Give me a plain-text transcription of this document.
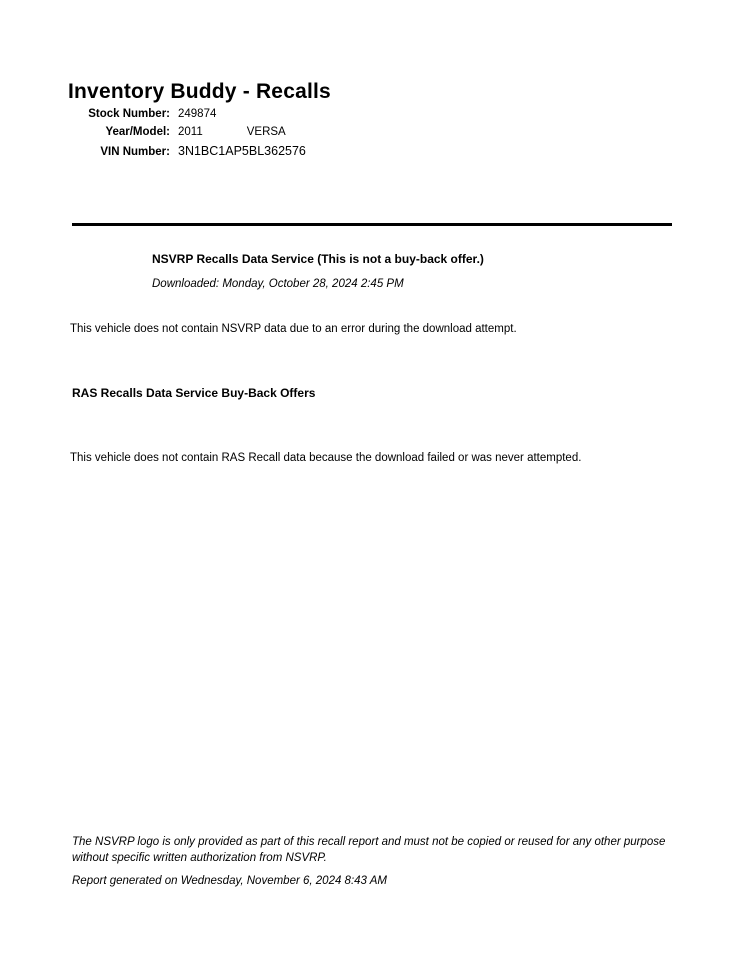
Inventory Buddy - Recalls
Stock Number: 249874
Year/Model: 2011	VERSA
VIN Number: 3N1BC1AP5BL362576
NSVRP Recalls Data Service (This is not a buy-back offer.)
Downloaded: Monday, October 28, 2024 2:45 PM
This vehicle does not contain NSVRP data due to an error during the download attempt.
RAS Recalls Data Service Buy-Back Offers
This vehicle does not contain RAS Recall data because the download failed or was never attempted.
The NSVRP logo is only provided as part of this recall report and must not be copied or reused for any other purpose without specific written authorization from NSVRP.
Report generated on Wednesday, November 6, 2024 8:43 AM
